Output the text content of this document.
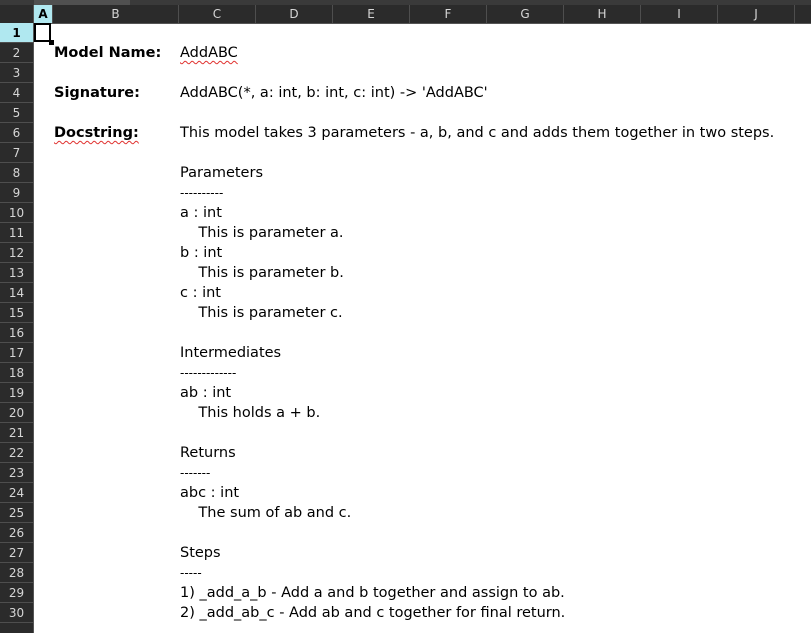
A	B	C	D	E	F	G	H	I	J
1
2
3
4
5
6
7
8
9
10
11
12
13
14
15
16
17
18
19
20
21
22
23
24
25
26
27
28
29
30
Model Name: AddABC
Signature:	AddABC(*, a: int, b: int, c: int) -> 'AddABC'
Docstring:	This model takes 3 parameters - a, b, and c and adds them together in two steps.
Parameters
----------
a : int
This is parameter a.
b : int
This is parameter b.
c : int
This is parameter c.
Intermediates
-------------
ab : int
This holds a + b.
Returns
-------
abc : int
The sum of ab and c.
Steps
-----
1) _add_a_b - Add a and b together and assign to ab.
2) _add_ab_c - Add ab and c together for final return.
